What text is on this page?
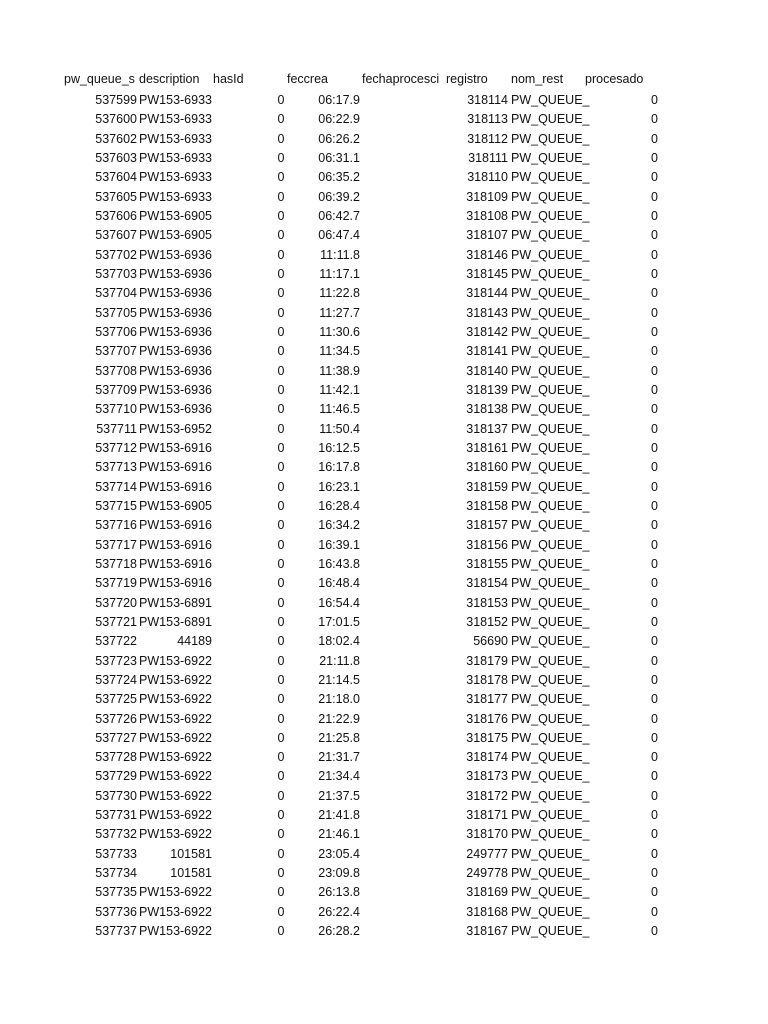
pw_queue_s description hasId	feccrea	fechaprocesci registro nom_rest procesado
537599 PW153-6933	0	06:17.9	318114 PW_QUEUE_	0
537600 PW153-6933	0	06:22.9	318113 PW_QUEUE_	0
537602 PW153-6933	0	06:26.2	318112 PW_QUEUE_	0
537603 PW153-6933	0	06:31.1	318111 PW_QUEUE_	0
537604 PW153-6933	0	06:35.2	318110 PW_QUEUE_	0
537605 PW153-6933	0	06:39.2	318109 PW_QUEUE_	0
537606 PW153-6905	0	06:42.7	318108 PW_QUEUE_	0
537607 PW153-6905	0	06:47.4	318107 PW_QUEUE_	0
537702 PW153-6936	0	11:11.8	318146 PW_QUEUE_	0
537703 PW153-6936	0	11:17.1	318145 PW_QUEUE_	0
537704 PW153-6936	0	11:22.8	318144 PW_QUEUE_	0
537705 PW153-6936	0	11:27.7	318143 PW_QUEUE_	0
537706 PW153-6936	0	11:30.6	318142 PW_QUEUE_	0
537707 PW153-6936	0	11:34.5	318141 PW_QUEUE_	0
537708 PW153-6936	0	11:38.9	318140 PW_QUEUE_	0
537709 PW153-6936	0	11:42.1	318139 PW_QUEUE_	0
537710 PW153-6936	0	11:46.5	318138 PW_QUEUE_	0
537711 PW153-6952	0	11:50.4	318137 PW_QUEUE_	0
537712 PW153-6916	0	16:12.5	318161 PW_QUEUE_	0
537713 PW153-6916	0	16:17.8	318160 PW_QUEUE_	0
537714 PW153-6916	0	16:23.1	318159 PW_QUEUE_	0
537715 PW153-6905	0	16:28.4	318158 PW_QUEUE_	0
537716 PW153-6916	0	16:34.2	318157 PW_QUEUE_	0
537717 PW153-6916	0	16:39.1	318156 PW_QUEUE_	0
537718 PW153-6916	0	16:43.8	318155 PW_QUEUE_	0
537719 PW153-6916	0	16:48.4	318154 PW_QUEUE_	0
537720 PW153-6891	0	16:54.4	318153 PW_QUEUE_	0
537721 PW153-6891	0	17:01.5	318152 PW_QUEUE_	0
537722	44189	0	18:02.4	56690 PW_QUEUE_	0
537723 PW153-6922	0	21:11.8	318179 PW_QUEUE_	0
537724 PW153-6922	0	21:14.5	318178 PW_QUEUE_	0
537725 PW153-6922	0	21:18.0	318177 PW_QUEUE_	0
537726 PW153-6922	0	21:22.9	318176 PW_QUEUE_	0
537727 PW153-6922	0	21:25.8	318175 PW_QUEUE_	0
537728 PW153-6922	0	21:31.7	318174 PW_QUEUE_	0
537729 PW153-6922	0	21:34.4	318173 PW_QUEUE_	0
537730 PW153-6922	0	21:37.5	318172 PW_QUEUE_	0
537731 PW153-6922	0	21:41.8	318171 PW_QUEUE_	0
537732 PW153-6922	0	21:46.1	318170 PW_QUEUE_	0
537733	101581	0	23:05.4	249777 PW_QUEUE_	0
537734	101581	0	23:09.8	249778 PW_QUEUE_	0
537735 PW153-6922	0	26:13.8	318169 PW_QUEUE_	0
537736 PW153-6922	0	26:22.4	318168 PW_QUEUE_	0
537737 PW153-6922	0	26:28.2	318167 PW_QUEUE_	0
